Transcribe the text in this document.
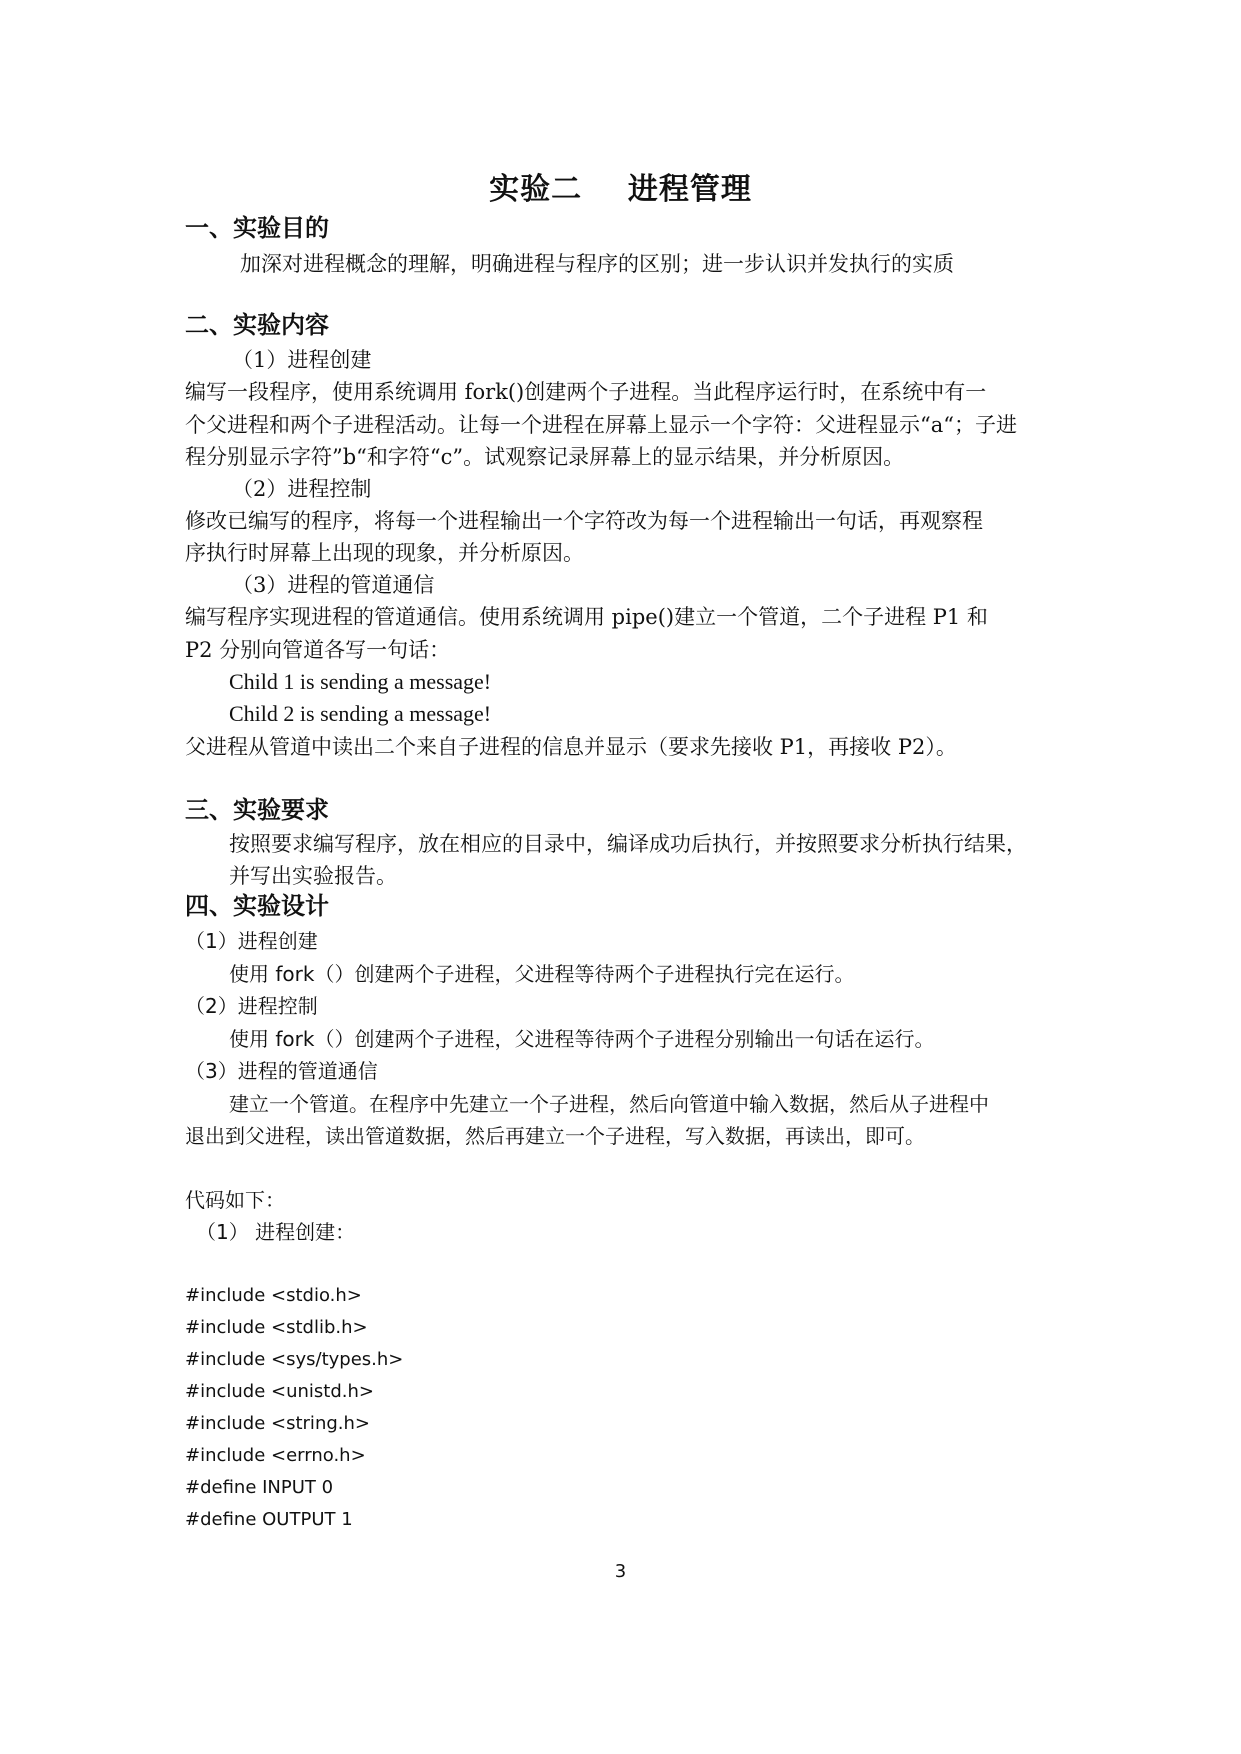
实验二    进程管理
一、实验目的
加深对进程概念的理解，明确进程与程序的区别；进一步认识并发执行的实质
二、实验内容
（1）进程创建
编写一段程序，使用系统调用 fork()创建两个子进程。当此程序运行时，在系统中有一
个父进程和两个子进程活动。让每一个进程在屏幕上显示一个字符：父进程显示“a“；子进
程分别显示字符”b“和字符“c”。试观察记录屏幕上的显示结果，并分析原因。
（2）进程控制
修改已编写的程序，将每一个进程输出一个字符改为每一个进程输出一句话，再观察程
序执行时屏幕上出现的现象，并分析原因。
（3）进程的管道通信
编写程序实现进程的管道通信。使用系统调用 pipe()建立一个管道，二个子进程 P1 和
P2 分别向管道各写一句话：
Child 1 is sending a message!
Child 2 is sending a message!
父进程从管道中读出二个来自子进程的信息并显示（要求先接收 P1，再接收 P2）。
三、实验要求
按照要求编写程序，放在相应的目录中，编译成功后执行，并按照要求分析执行结果，
并写出实验报告。
四、实验设计
（1）进程创建
使用 fork（）创建两个子进程，父进程等待两个子进程执行完在运行。
（2）进程控制
使用 fork（）创建两个子进程，父进程等待两个子进程分别输出一句话在运行。
（3）进程的管道通信
建立一个管道。在程序中先建立一个子进程，然后向管道中输入数据，然后从子进程中
退出到父进程，读出管道数据，然后再建立一个子进程，写入数据，再读出，即可。
代码如下：
（1） 进程创建：
#include <stdio.h>
#include <stdlib.h>
#include <sys/types.h>
#include <unistd.h>
#include <string.h>
#include <errno.h>
#define INPUT 0
#define OUTPUT 1
3
